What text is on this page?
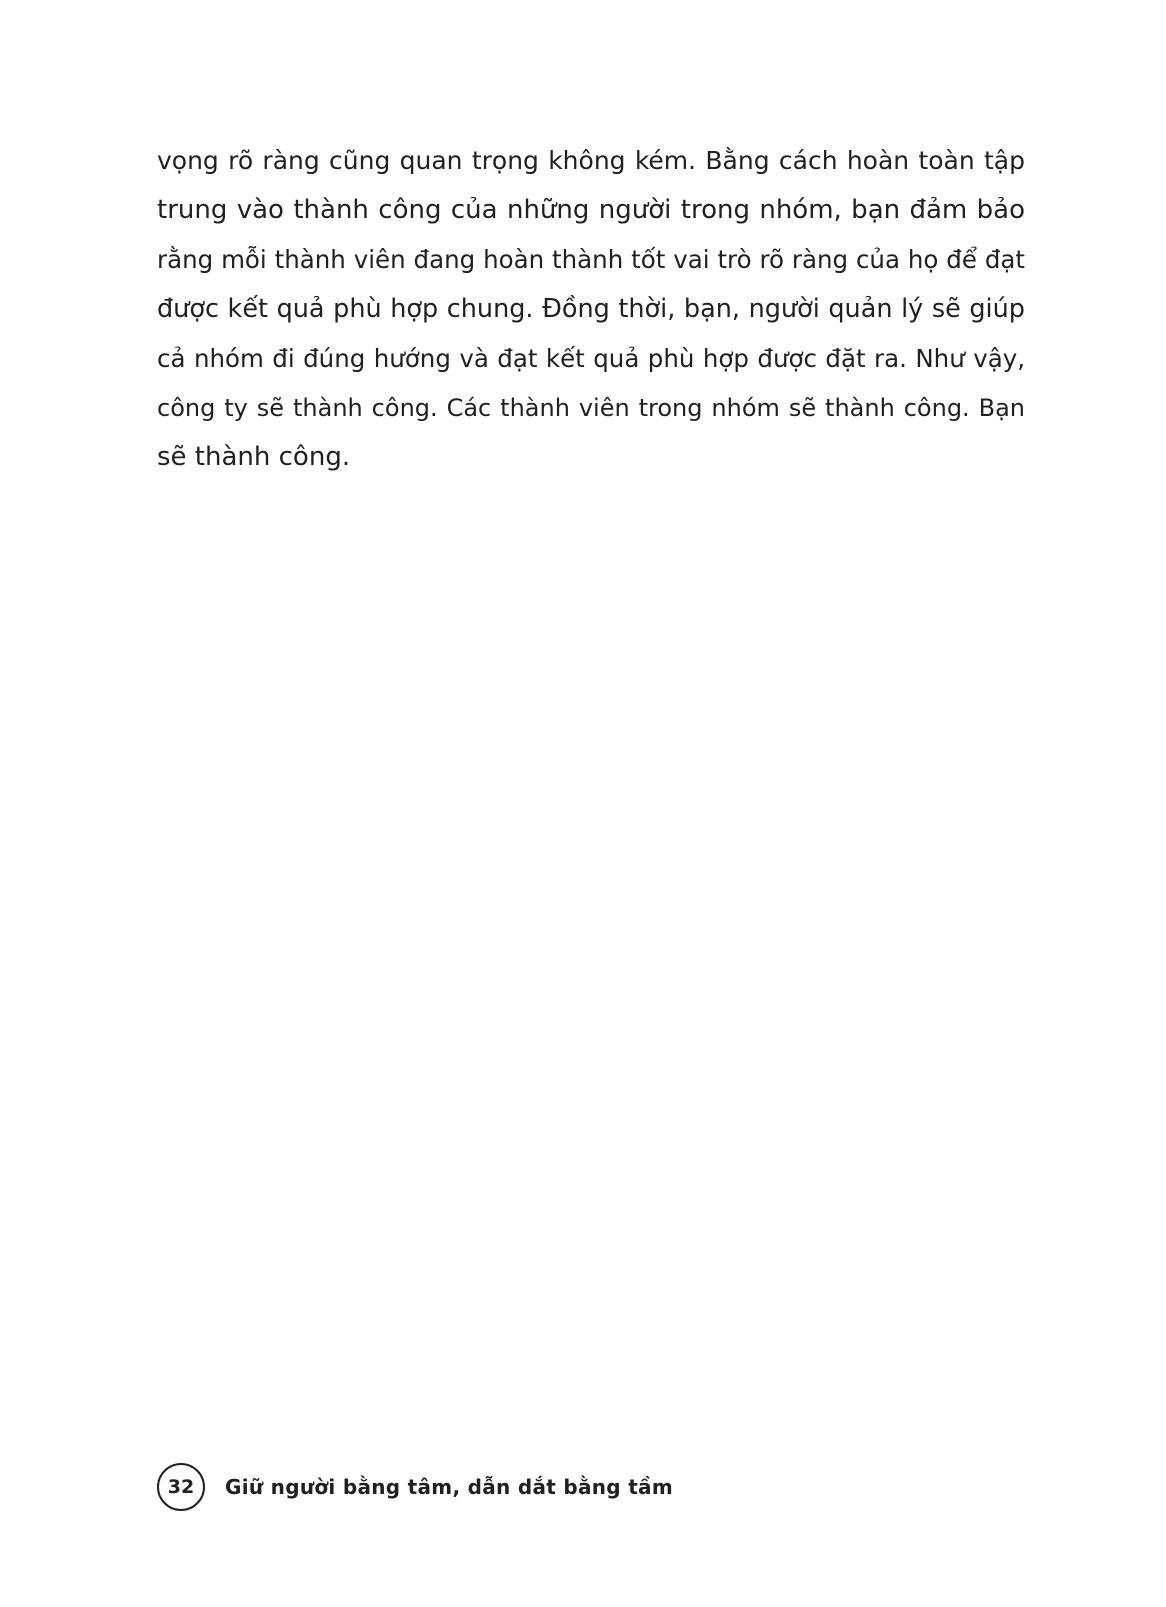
vọng rõ ràng cũng quan trọng không kém. Bằng cách hoàn toàn tập
trung vào thành công của những người trong nhóm, bạn đảm bảo
rằng mỗi thành viên đang hoàn thành tốt vai trò rõ ràng của họ để đạt
được kết quả phù hợp chung. Đồng thời, bạn, người quản lý sẽ giúp
cả nhóm đi đúng hướng và đạt kết quả phù hợp được đặt ra. Như vậy,
công ty sẽ thành công. Các thành viên trong nhóm sẽ thành công. Bạn
sẽ thành công.
32	Giữ người bằng tâm, dẫn dắt bằng tầm
